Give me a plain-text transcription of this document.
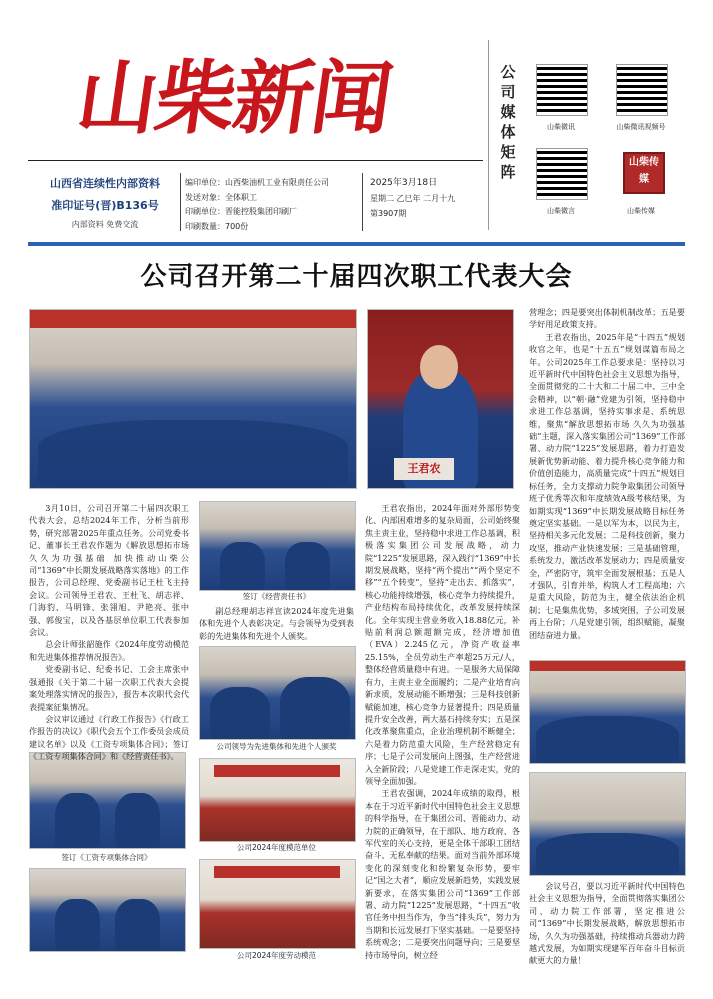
山柴新闻
山西省连续性内部资料
准印证号(晋)B136号
内部资料 免费交流
编印单位：山西柴油机工业有限责任公司
发送对象：全体职工
印刷单位：晋能控股集团印刷厂
印刷数量：700份
2025年3月18日
星期二 乙巳年 二月十九
第3907期
公司媒体矩阵
山柴微讯	山柴微讯视频号
山柴微言
山柴传媒
山柴传媒
公司召开第二十届四次职工代表大会
王君农
签订《经营责任书》
公司领导为先进集体和先进个人颁奖
公司2024年度模范单位
公司2024年度劳动模范
签订《工资专项集体合同》

3月10日，公司召开第二十届四次职工代表大会，总结2024年工作，分析当前形势，研究部署2025年重点任务。公司党委书记、董事长王君农作题为《解放思想拓市场 久久为功强基础 加快推动山柴公司“1369”中长期发展战略落实落地》的工作报告，公司总经理、党委副书记王杜飞主持会议。公司领导王君农、王杜飞、胡志祥、门海豹、马明锋、张翎旭、尹艳亮、张中强、郭俊宝，以及各基层单位职工代表参加会议。

总会计师张韶施作《2024年度劳动模范和先进集体推荐情况报告》。

党委副书记、纪委书记、工会主席张中强通报《关于第二十届一次职工代表大会提案处理落实情况的报告》，报告本次职代会代表提案征集情况。

会议审议通过《行政工作报告》《行政工作报告的决议》《职代会五个工作委员会成员建议名单》以及《工资专项集体合同》；签订《工资专项集体合同》和《经营责任书》。

副总经理胡志祥宣读2024年度先进集体和先进个人表彰决定。与会领导为受到表彰的先进集体和先进个人颁奖。

王君农指出，2024年面对外部形势变化、内部困难增多的复杂局面，公司始终聚焦主责主业，坚持稳中求进工作总基调，积极落实集团公司发展战略，动力院“1225”发展思路，深入践行“1369”中长期发展战略，坚持“两个提出”“两个坚定不移”“五个转变”，坚持“走出去、抓落实”，核心功能持续增强，核心竞争力持续提升，产业结构布局持续优化，改革发展持续深化。全年实现主营业务收入18.88亿元，补贴前利润总额超额完成，经济增加值（EVA）2.245亿元，净资产收益率25.15%，全员劳动生产率超25万元/人，整体经营质量稳中有进。一是服务大局保障有力，主责主业全面履约；二是产业培育向新求质，发展动能不断增强；三是科技创新赋能加速，核心竞争力显著提升；四是质量提升安全改善，两大基石持续夯实；五是深化改革聚焦重点，企业治理机制不断健全；六是着力防范重大风险，生产经营稳定有序；七是子公司发展向上图强，生产经营进入全新阶段；八是党建工作走深走实，党的领导全面加强。

王君农强调，2024年成绩的取得，根本在于习近平新时代中国特色社会主义思想的科学指导，在于集团公司、晋能动力、动力院的正确领导，在于部队、地方政府、各军代室的关心支持，更是全体干部职工团结奋斗、无私奉献的结果。面对当前外部环境变化的深刻变化和纷繁复杂形势，要牢记“国之大者”，顺应发展新趋势，实践发展新要求，在落实集团公司“1369”工作部署、动力院“1225”发展思路，“十四五”收官任务中担当作为，争当“排头兵”，努力为当期和长远发展打下坚实基础。一是要坚持系统观念；二是要突出问题导向；三是要坚持市场导向，树立经

营理念；四是要突出体制机制改革；五是要学好用足政策支持。

王君农指出，2025年是“十四五”规划收官之年，也是“十五五”规划谋篇布局之年。公司2025年工作总要求是：坚持以习近平新时代中国特色社会主义思想为指导，全面贯彻党的二十大和二十届二中、三中全会精神，以“朝·融”党建为引领，坚持稳中求进工作总基调，坚持实事求是、系统思维，聚焦“解放思想拓市场 久久为功强基础”主题，深入落实集团公司“1369”工作部署、动力院“1225”发展思路，着力打造发展新优势新动能、着力提升核心竞争能力和价值创造能力，高质量完成“十四五”规划目标任务，全力支撑动力院争取集团公司领导班子优秀等次和年度绩效A级考核结果，为如期实现“1369”中长期发展战略目标任务奠定坚实基础。一是以军为本，以民为主，坚持相关多元化发展；二是科技创新，聚力攻坚，推动产业快速发展；三是基础管理，系统发力，激活改革发展动力；四是质量安全，严密防守，筑牢全面发展根基；五是人才强队，引育并举，构筑人才工程高地；六是重大风险，防范为主，健全依法治企机制；七是集焦优势，多域突围，子公司发展再上台阶；八是党建引领，组织赋能，凝聚团结奋进力量。

会议号召，要以习近平新时代中国特色社会主义思想为指导，全面贯彻落实集团公司、动力院工作部署，坚定推进公司“1369”中长期发展战略，解放思想拓市场，久久为功强基础，持续推动兵器动力跨越式发展，为如期实现建军百年奋斗目标贡献更大的力量！
